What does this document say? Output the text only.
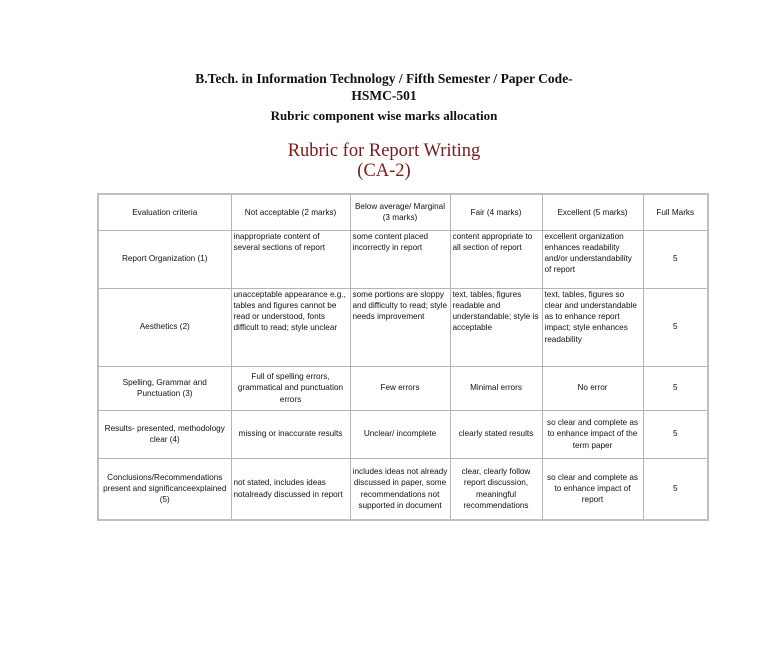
B.Tech. in Information Technology / Fifth Semester / Paper Code-
HSMC-501
Rubric component wise marks allocation
Rubric for Report Writing
(CA-2)
Evaluation criteria	Not acceptable (2 marks)	Below average/ Marginal (3 marks)	Fair (4 marks)	Excellent (5 marks)	Full Marks
Report Organization (1)	inappropriate content of several sections of report	some content placed incorrectly in report	content appropriate to all section of report	excellent organization enhances readability and/or understandability of report	5
Aesthetics (2)	unacceptable appearance e.g., tables and figures cannot be read or understood, fonts difficult to read; style unclear	some portions are sloppy and difficulty to read; style needs improvement	text, tables, figures readable and understandable; style is acceptable	text, tables, figures so clear and understandable as to enhance report impact; style enhances readability	5
Spelling, Grammar and Punctuation (3)	Full of spelling errors, grammatical and punctuation errors	Few errors	Minimal errors	No error	5
Results- presented, methodology clear (4)	missing or inaccurate results	Unclear/ incomplete	clearly stated results	so clear and complete as to enhance impact of the term paper	5
Conclusions/Recommendations present and significanceexplained (5)	not stated, includes ideas notalready discussed in report	includes ideas not already discussed in paper, some recommendations not supported in document	clear, clearly follow report discussion, meaningful recommendations	so clear and complete as to enhance impact of report	5
